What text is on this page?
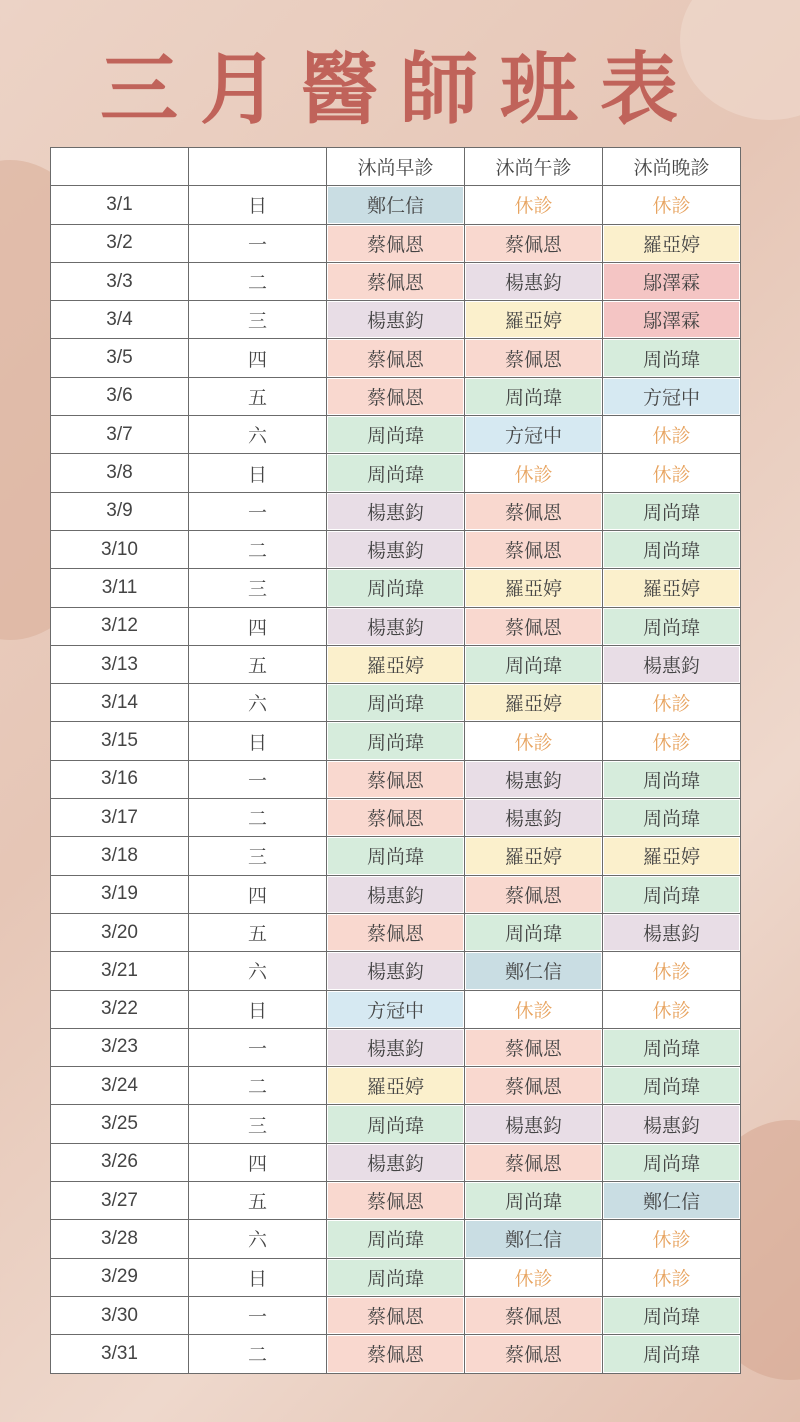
三月醫師班表
		沐尚早診	沐尚午診	沐尚晚診
3/1	日	鄭仁信	休診	休診
3/2	一	蔡佩恩	蔡佩恩	羅亞婷
3/3	二	蔡佩恩	楊惠鈞	鄔澤霖
3/4	三	楊惠鈞	羅亞婷	鄔澤霖
3/5	四	蔡佩恩	蔡佩恩	周尚瑋
3/6	五	蔡佩恩	周尚瑋	方冠中
3/7	六	周尚瑋	方冠中	休診
3/8	日	周尚瑋	休診	休診
3/9	一	楊惠鈞	蔡佩恩	周尚瑋
3/10	二	楊惠鈞	蔡佩恩	周尚瑋
3/11	三	周尚瑋	羅亞婷	羅亞婷
3/12	四	楊惠鈞	蔡佩恩	周尚瑋
3/13	五	羅亞婷	周尚瑋	楊惠鈞
3/14	六	周尚瑋	羅亞婷	休診
3/15	日	周尚瑋	休診	休診
3/16	一	蔡佩恩	楊惠鈞	周尚瑋
3/17	二	蔡佩恩	楊惠鈞	周尚瑋
3/18	三	周尚瑋	羅亞婷	羅亞婷
3/19	四	楊惠鈞	蔡佩恩	周尚瑋
3/20	五	蔡佩恩	周尚瑋	楊惠鈞
3/21	六	楊惠鈞	鄭仁信	休診
3/22	日	方冠中	休診	休診
3/23	一	楊惠鈞	蔡佩恩	周尚瑋
3/24	二	羅亞婷	蔡佩恩	周尚瑋
3/25	三	周尚瑋	楊惠鈞	楊惠鈞
3/26	四	楊惠鈞	蔡佩恩	周尚瑋
3/27	五	蔡佩恩	周尚瑋	鄭仁信
3/28	六	周尚瑋	鄭仁信	休診
3/29	日	周尚瑋	休診	休診
3/30	一	蔡佩恩	蔡佩恩	周尚瑋
3/31	二	蔡佩恩	蔡佩恩	周尚瑋
